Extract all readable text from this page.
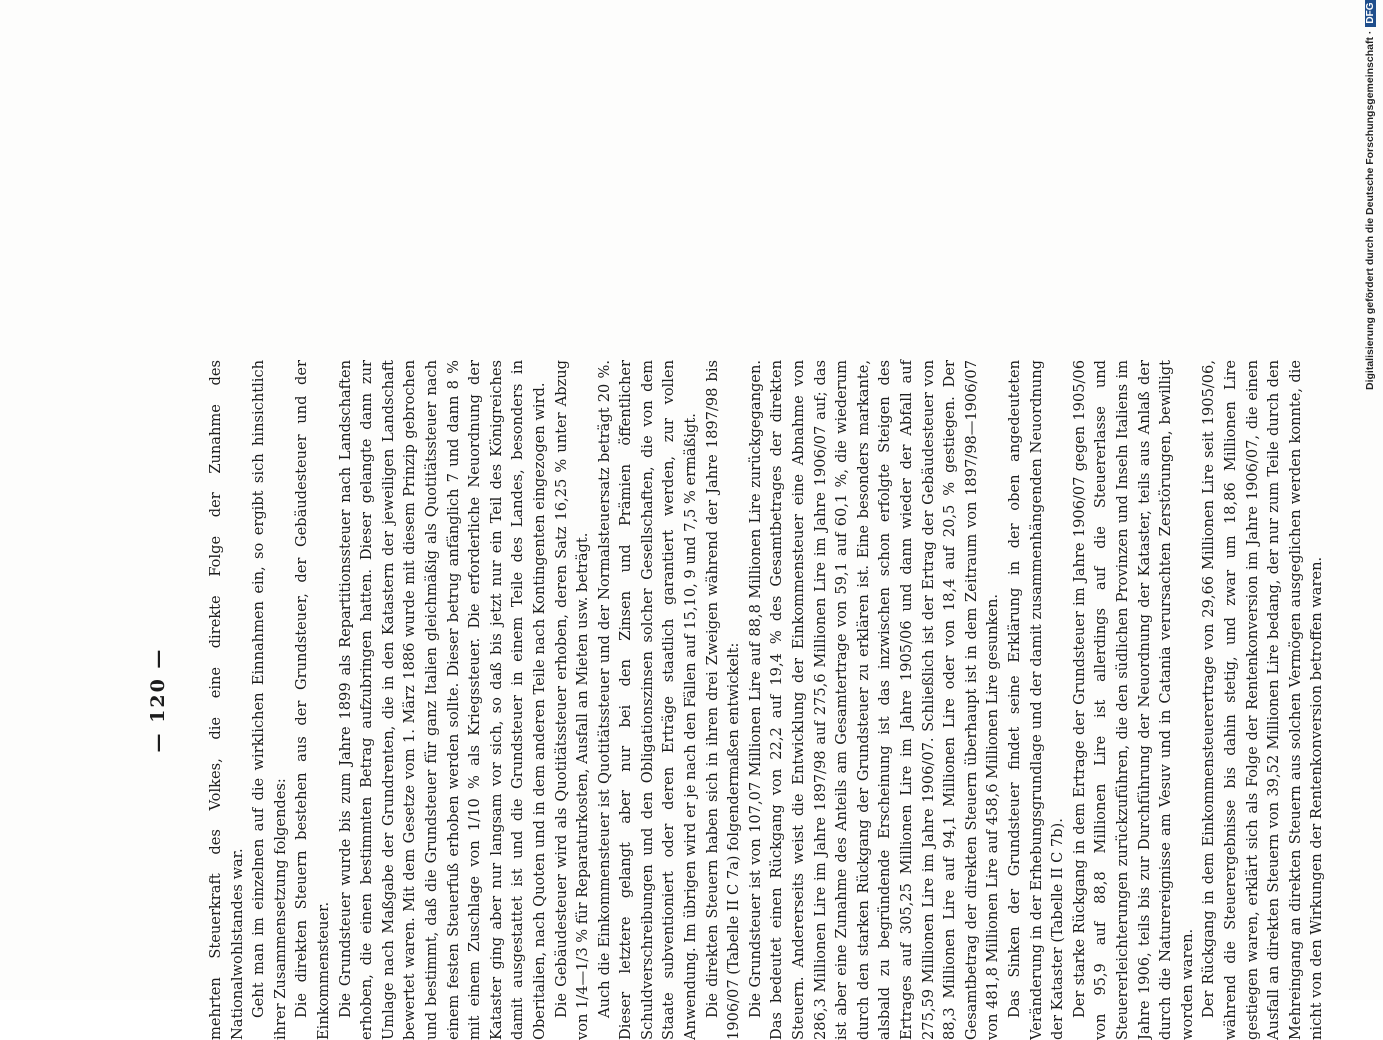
— 120 —	mehrten Steuerkraft des Volkes, die eine direkte Folge der Zunahme des Nationalwohlstandes war. Geht man im einzelnen auf die wirklichen Einnahmen ein, so ergibt sich hinsichtlich ihrer Zusammensetzung folgendes: Die direkten Steuern bestehen aus der Grundsteuer, der Gebäudesteuer und der Einkommensteuer. Die Grundsteuer wurde bis zum Jahre 1899 als Repartitionssteuer nach Landschaften erhoben, die einen bestimmten Betrag aufzubringen hatten. Dieser gelangte dann zur Umlage nach Maßgabe der Grundrenten, die in den Katastern der jeweiligen Landschaft bewertet waren. Mit dem Gesetze vom 1. März 1886 wurde mit diesem Prinzip gebrochen und bestimmt, daß die Grundsteuer für ganz Italien gleichmäßig als Quotitätssteuer nach einem festen Steuerfuß erhoben werden sollte. Dieser betrug anfänglich 7 und dann 8 % mit einem Zuschlage von 1/10 % als Kriegssteuer. Die erforderliche Neuordnung der Kataster ging aber nur langsam vor sich, so daß bis jetzt nur ein Teil des Königreiches damit ausgestattet ist und die Grundsteuer in einem Teile des Landes, besonders in Oberitalien, nach Quoten und in dem anderen Teile nach Kontingenten eingezogen wird. Die Gebäudesteuer wird als Quotitätssteuer erhoben, deren Satz 16,25 % unter Abzug von 1/4—1/3 % für Reparaturkosten, Ausfall an Mieten usw. beträgt. Auch die Einkommensteuer ist Quotitätssteuer und der Normalsteuersatz beträgt 20 %. Dieser letztere gelangt aber nur bei den Zinsen und Prämien öffentlicher Schuldverschreibungen und den Obligationszinsen solcher Gesellschaften, die von dem Staate subventioniert oder deren Erträge staatlich garantiert werden, zur vollen Anwendung. Im übrigen wird er je nach den Fällen auf 15,10, 9 und 7,5 % ermäßigt. Die direkten Steuern haben sich in ihren drei Zweigen während der Jahre 1897/98 bis 1906/07 (Tabelle II C 7a) folgendermaßen entwickelt: Die Grundsteuer ist von 107,07 Millionen Lire auf 88,8 Millionen Lire zurückgegangen. Das bedeutet einen Rückgang von 22,2 auf 19,4 % des Gesamtbetrages der direkten Steuern. Andererseits weist die Entwicklung der Einkommensteuer eine Abnahme von 286,3 Millionen Lire im Jahre 1897/98 auf 275,6 Millionen Lire im Jahre 1906/07 auf; das ist aber eine Zunahme des Anteils am Gesamtertrage von 59,1 auf 60,1 %, die wiederum durch den starken Rückgang der Grundsteuer zu erklären ist. Eine besonders markante, alsbald zu begründende Erscheinung ist das inzwischen schon erfolgte Steigen des Ertrages auf 305,25 Millionen Lire im Jahre 1905/06 und dann wieder der Abfall auf 275,59 Millionen Lire im Jahre 1906/07. Schließlich ist der Ertrag der Gebäudesteuer von 88,3 Millionen Lire auf 94,1 Millionen Lire oder von 18,4 auf 20,5 % gestiegen. Der Gesamtbetrag der direkten Steuern überhaupt ist in dem Zeitraum von 1897/98—1906/07 von 481,8 Millionen Lire auf 458,6 Millionen Lire gesunken. Das Sinken der Grundsteuer findet seine Erklärung in der oben angedeuteten Veränderung in der Erhebungsgrundlage und der damit zusammenhängenden Neuordnung der Kataster (Tabelle II C 7b). Der starke Rückgang in dem Ertrage der Grundsteuer im Jahre 1906/07 gegen 1905/06 von 95,9 auf 88,8 Millionen Lire ist allerdings auf die Steuererlasse und Steuererleichterungen zurückzuführen, die den südlichen Provinzen und Inseln Italiens im Jahre 1906, teils bis zur Durchführung der Neuordnung der Kataster, teils aus Anlaß der durch die Naturereignisse am Vesuv und in Catania verursachten Zerstörungen, bewilligt worden waren. Der Rückgang in dem Einkommensteuerertrage von 29,66 Millionen Lire seit 1905/06, während die Steuerergebnisse bis dahin stetig, und zwar um 18,86 Millionen Lire gestiegen waren, erklärt sich als Folge der Rentenkonversion im Jahre 1906/07, die einen Ausfall an direkten Steuern von 39,52 Millionen Lire bedang, der nur zum Teile durch den Mehreingang an direkten Steuern aus solchen Vermögen ausgeglichen werden konnte, die nicht von den Wirkungen der Rentenkonversion betroffen waren.

Digitalisierung gefördert durch die Deutsche Forschungsgemeinschaft ·DFG
